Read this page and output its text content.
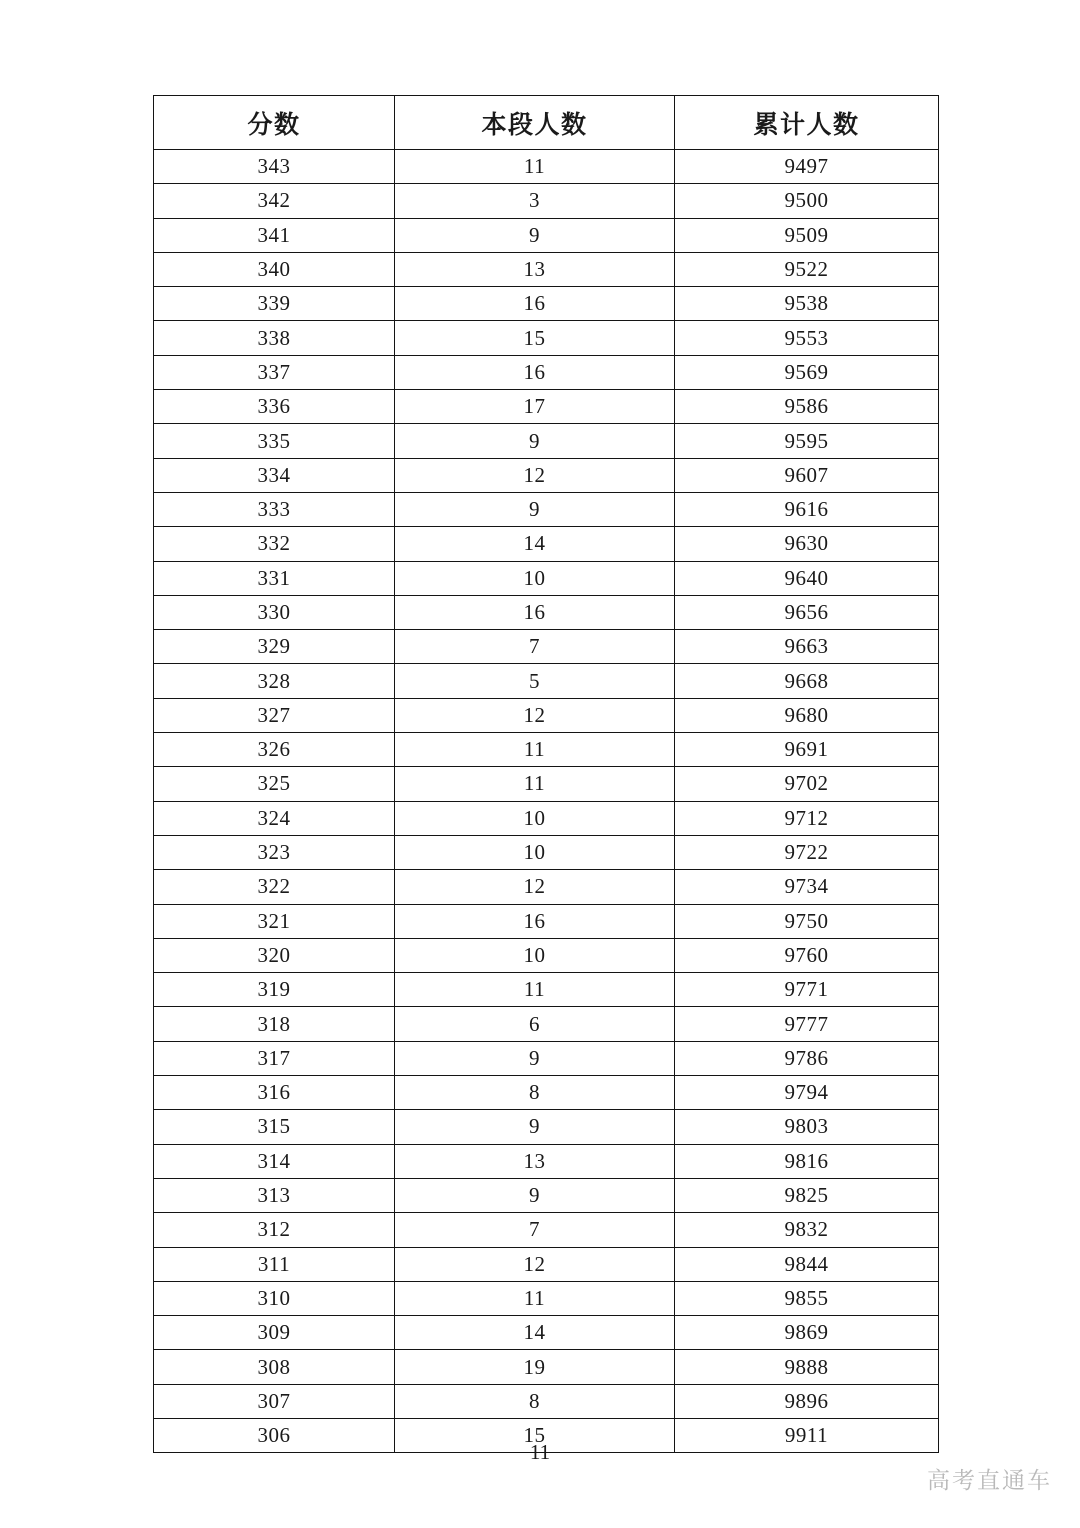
分数	本段人数	累计人数
343	11	9497
342	3	9500
341	9	9509
340	13	9522
339	16	9538
338	15	9553
337	16	9569
336	17	9586
335	9	9595
334	12	9607
333	9	9616
332	14	9630
331	10	9640
330	16	9656
329	7	9663
328	5	9668
327	12	9680
326	11	9691
325	11	9702
324	10	9712
323	10	9722
322	12	9734
321	16	9750
320	10	9760
319	11	9771
318	6	9777
317	9	9786
316	8	9794
315	9	9803
314	13	9816
313	9	9825
312	7	9832
311	12	9844
310	11	9855
309	14	9869
308	19	9888
307	8	9896
306	15	9911
11
高考直通车
